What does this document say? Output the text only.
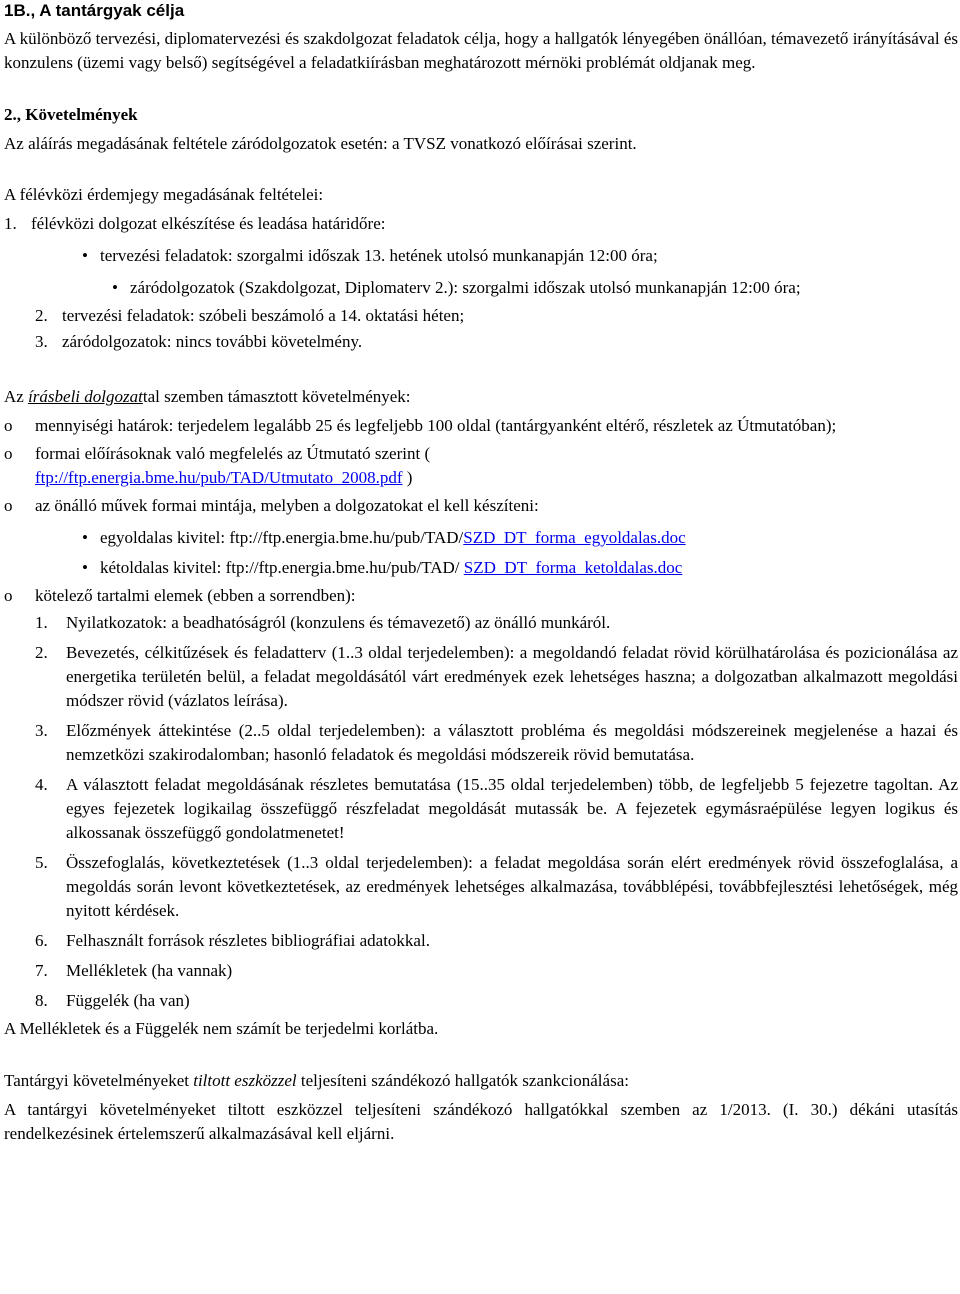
1B., A tantárgyak célja

A különböző tervezési, diplomatervezési és szakdolgozat feladatok célja, hogy a hallgatók lényegében önállóan, témavezető irányításával és konzulens (üzemi vagy belső) segítségével a feladatkiírásban meghatározott mérnöki problémát oldjanak meg.

2., Követelmények

Az aláírás megadásának feltétele záródolgozatok esetén: a TVSZ vonatkozó előírásai szerint.

A félévközi érdemjegy megadásának feltételei:

1. félévközi dolgozat elkészítése és leadása határidőre:
• tervezési feladatok: szorgalmi időszak 13. hetének utolsó munkanapján 12:00 óra;
• záródolgozatok (Szakdolgozat, Diplomaterv 2.): szorgalmi időszak utolsó munkanapján 12:00 óra;
2. tervezési feladatok: szóbeli beszámoló a 14. oktatási héten;
3. záródolgozatok: nincs további követelmény.

Az írásbeli dolgozattal szemben támasztott követelmények:

o	mennyiségi határok: terjedelem legalább 25 és legfeljebb 100 oldal (tantárgyanként eltérő, részletek az Útmutatóban);
o	formai előírásoknak való megfelelés az Útmutató szerint (
ftp://ftp.energia.bme.hu/pub/TAD/Utmutato_2008.pdf )
o	az önálló művek formai mintája, melyben a dolgozatokat el kell készíteni:
• egyoldalas kivitel: ftp://ftp.energia.bme.hu/pub/TAD/SZD_DT_forma_egyoldalas.doc
• kétoldalas kivitel: ftp://ftp.energia.bme.hu/pub/TAD/ SZD_DT_forma_ketoldalas.doc
o	kötelező tartalmi elemek (ebben a sorrendben):
1.	Nyilatkozatok: a beadhatóságról (konzulens és témavezető) az önálló munkáról.
2.	Bevezetés, célkitűzések és feladatterv (1..3 oldal terjedelemben): a megoldandó feladat rövid körülhatárolása és pozicionálása az energetika területén belül, a feladat megoldásától várt eredmények ezek lehetséges haszna; a dolgozatban alkalmazott megoldási módszer rövid (vázlatos leírása).
3.	Előzmények áttekintése (2..5 oldal terjedelemben): a választott probléma és megoldási módszereinek megjelenése a hazai és nemzetközi szakirodalomban; hasonló feladatok és megoldási módszereik rövid bemutatása.
4.	A választott feladat megoldásának részletes bemutatása (15..35 oldal terjedelemben) több, de legfeljebb 5 fejezetre tagoltan. Az egyes fejezetek logikailag összefüggő részfeladat megoldását mutassák be. A fejezetek egymásraépülése legyen logikus és alkossanak összefüggő gondolatmenetet!
5.	Összefoglalás, következtetések (1..3 oldal terjedelemben): a feladat megoldása során elért eredmények rövid összefoglalása, a megoldás során levont következtetések, az eredmények lehetséges alkalmazása, továbblépési, továbbfejlesztési lehetőségek, még nyitott kérdések.
6.	Felhasznált források részletes bibliográfiai adatokkal.
7.	Mellékletek (ha vannak)
8.	Függelék (ha van)

A Mellékletek és a Függelék nem számít be terjedelmi korlátba.

Tantárgyi követelményeket tiltott eszközzel teljesíteni szándékozó hallgatók szankcionálása:

A tantárgyi követelményeket tiltott eszközzel teljesíteni szándékozó hallgatókkal szemben az 1/2013. (I. 30.) dékáni utasítás rendelkezésinek értelemszerű alkalmazásával kell eljárni.
